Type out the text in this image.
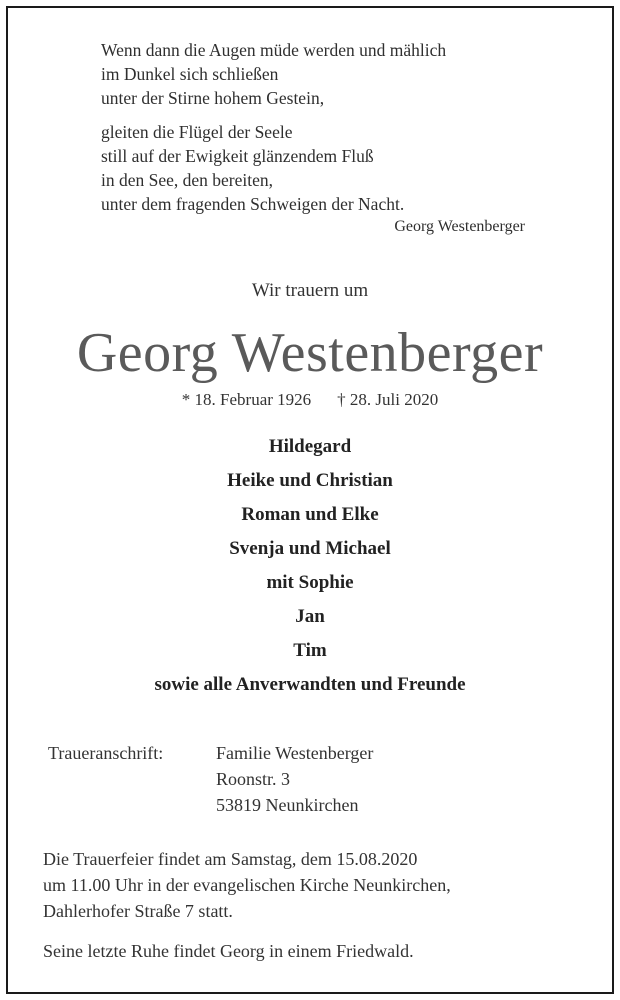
Wenn dann die Augen müde werden und mählich
im Dunkel sich schließen
unter der Stirne hohem Gestein,
gleiten die Flügel der Seele
still auf der Ewigkeit glänzendem Fluß
in den See, den bereiten,
unter dem fragenden Schweigen der Nacht.
Georg Westenberger
Wir trauern um
Georg Westenberger
* 18. Februar 1926 † 28. Juli 2020
Hildegard
Heike und Christian
Roman und Elke
Svenja und Michael
mit Sophie
Jan
Tim
sowie alle Anverwandten und Freunde
Traueranschrift:	Familie Westenberger
Roonstr. 3
53819 Neunkirchen
Die Trauerfeier findet am Samstag, dem 15.08.2020
um 11.00 Uhr in der evangelischen Kirche Neunkirchen,
Dahlerhofer Straße 7 statt.
Seine letzte Ruhe findet Georg in einem Friedwald.
